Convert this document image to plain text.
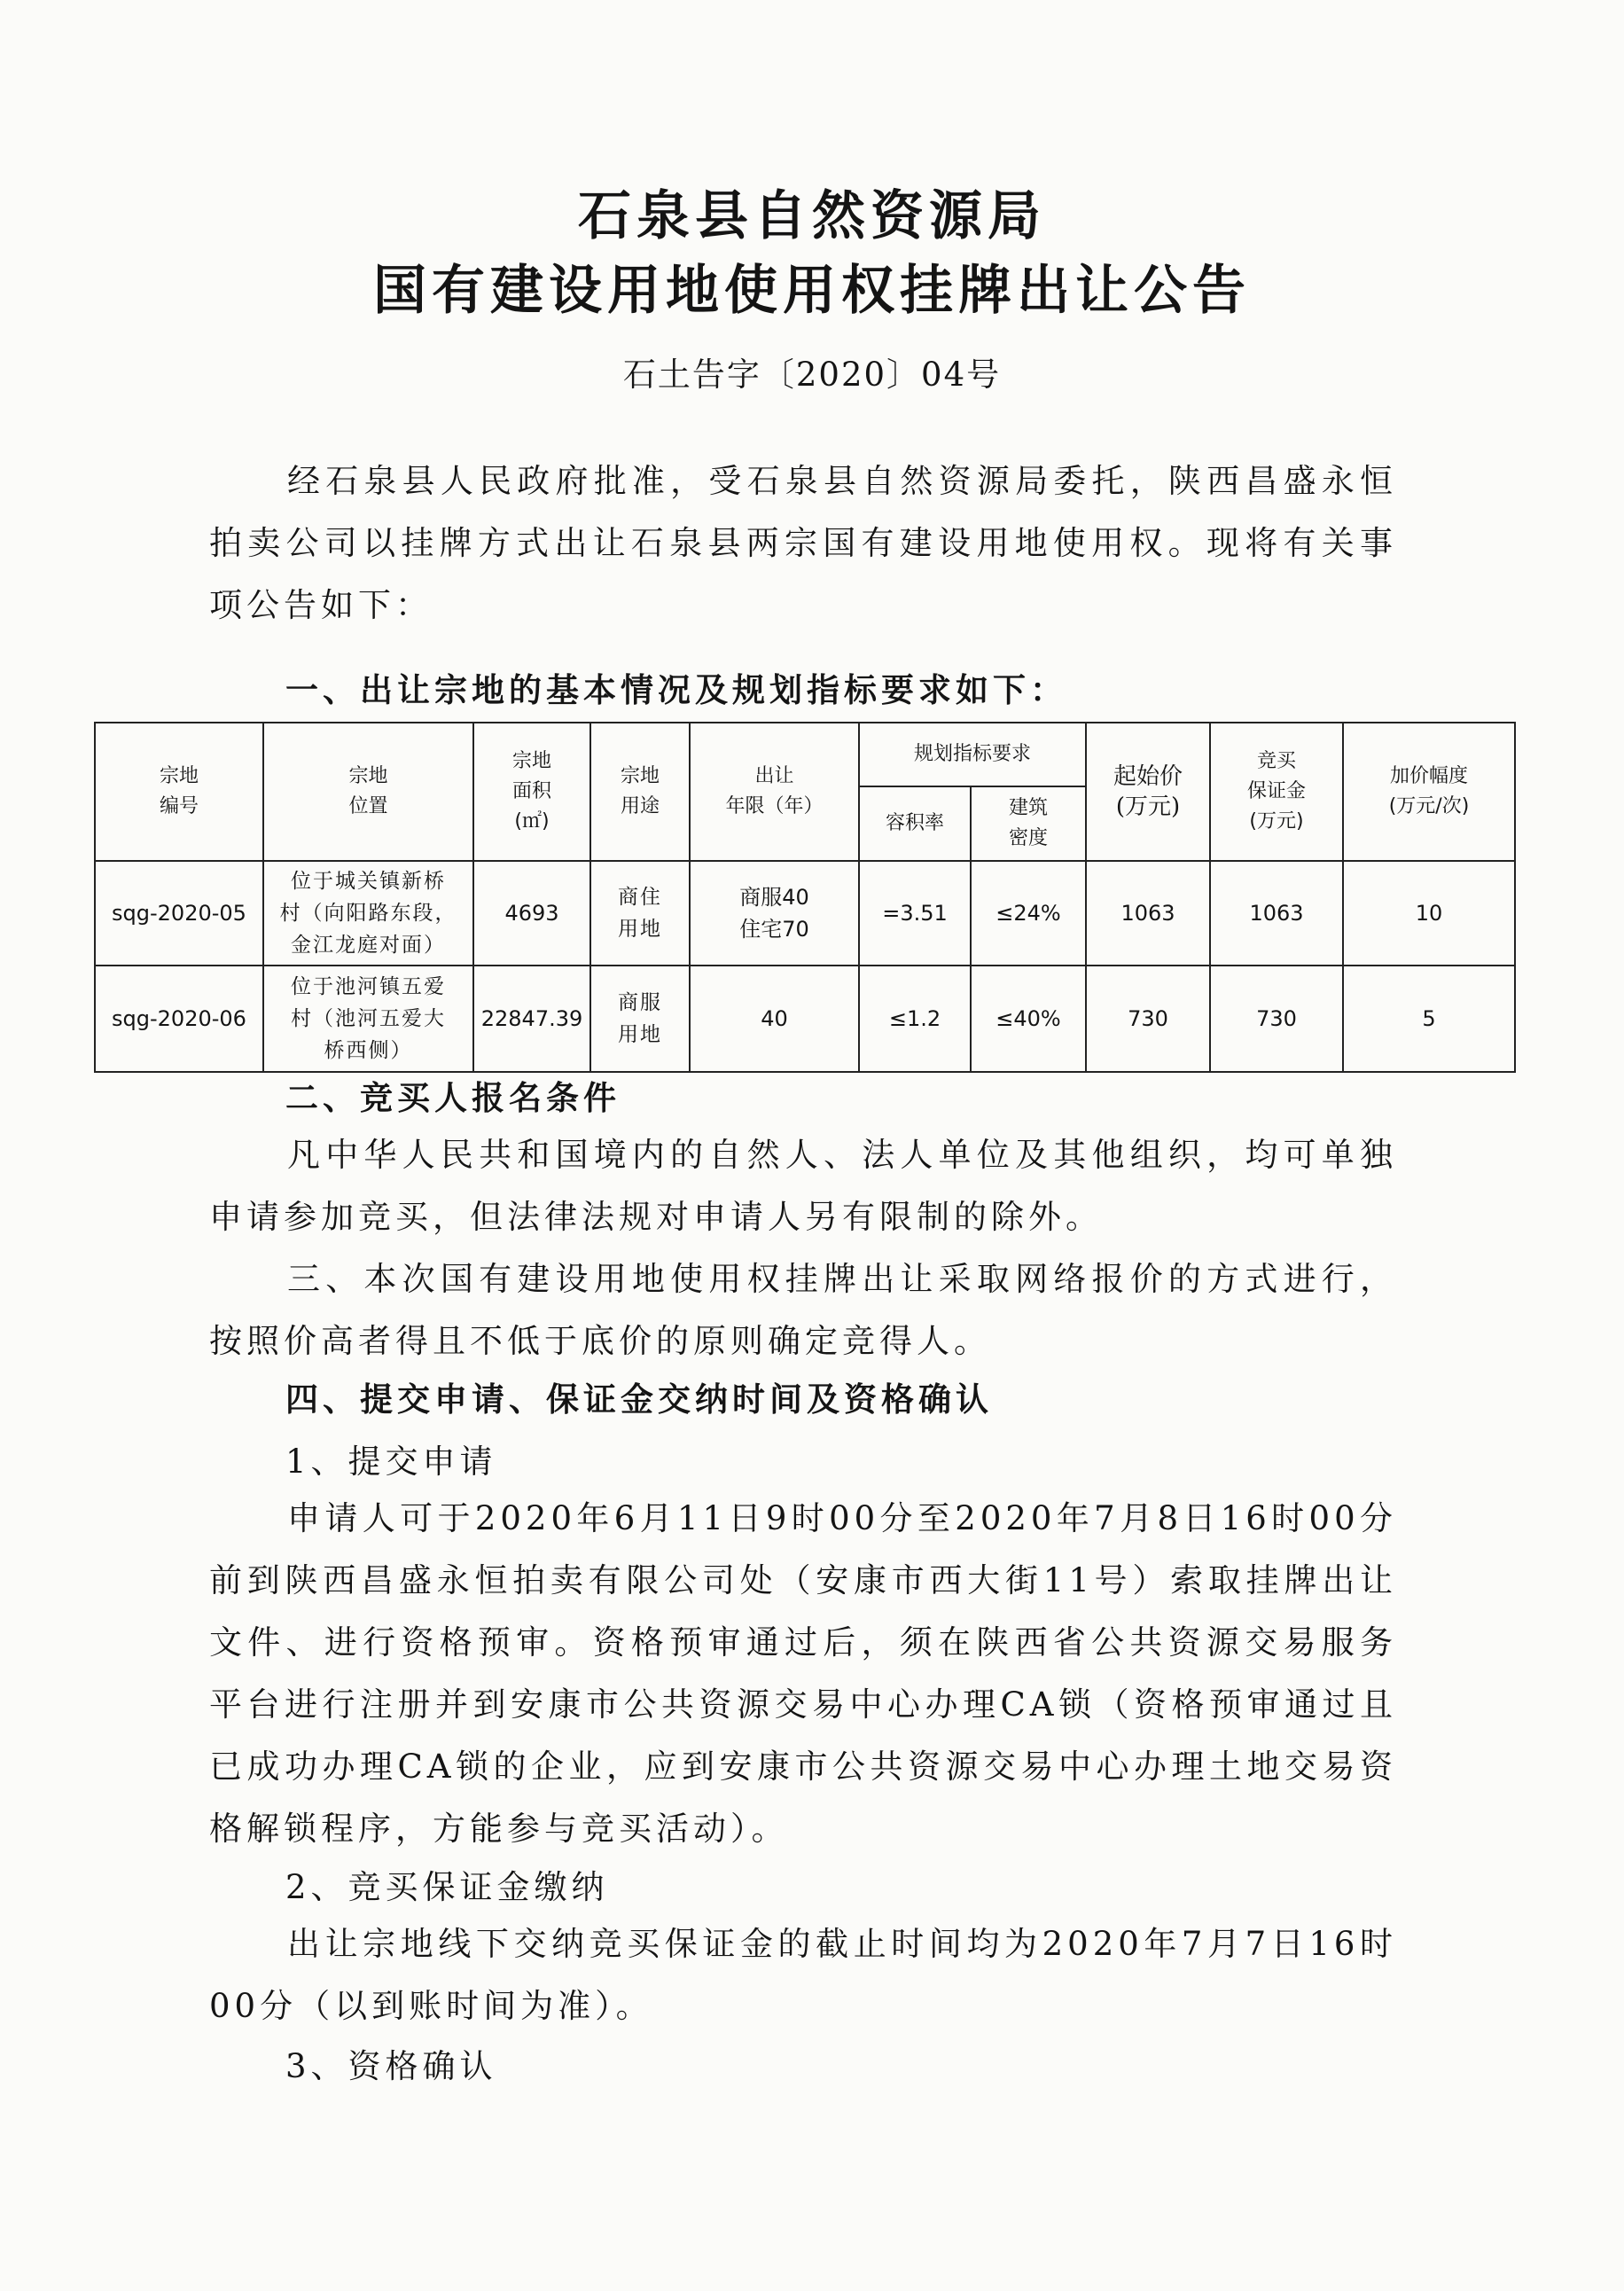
石泉县自然资源局
国有建设用地使用权挂牌出让公告
石土告字〔2020〕04号
经石泉县人民政府批准，受石泉县自然资源局委托，陕西昌盛永恒拍卖公司以挂牌方式出让石泉县两宗国有建设用地使用权。现将有关事项公告如下：
一、出让宗地的基本情况及规划指标要求如下：
宗地
编号	宗地
位置	宗地
面积
(㎡)	宗地
用途	出让
年限（年）	规划指标要求		起始价
(万元)	竞买
保证金
(万元)	加价幅度
(万元/次)
					容积率	建筑
密度			
sqg-2020-05	位于城关镇新桥
村（向阳路东段，
金江龙庭对面）	4693	商住
用地	商服40
住宅70	=3.51	≤24%	1063	1063	10
sqg-2020-06	位于池河镇五爱
村（池河五爱大
桥西侧）	22847.39	商服
用地	40	≤1.2	≤40%	730	730	5
二、竞买人报名条件
凡中华人民共和国境内的自然人、法人单位及其他组织，均可单独申请参加竞买，但法律法规对申请人另有限制的除外。
三、本次国有建设用地使用权挂牌出让采取网络报价的方式进行，按照价高者得且不低于底价的原则确定竞得人。
四、提交申请、保证金交纳时间及资格确认
1、提交申请
申请人可于2020年6月11日9时00分至2020年7月8日16时00分前到陕西昌盛永恒拍卖有限公司处（安康市西大街11号）索取挂牌出让文件、进行资格预审。资格预审通过后，须在陕西省公共资源交易服务平台进行注册并到安康市公共资源交易中心办理CA锁（资格预审通过且已成功办理CA锁的企业，应到安康市公共资源交易中心办理土地交易资格解锁程序，方能参与竞买活动）。
2、竞买保证金缴纳
出让宗地线下交纳竞买保证金的截止时间均为2020年7月7日16时00分（以到账时间为准）。
3、资格确认
